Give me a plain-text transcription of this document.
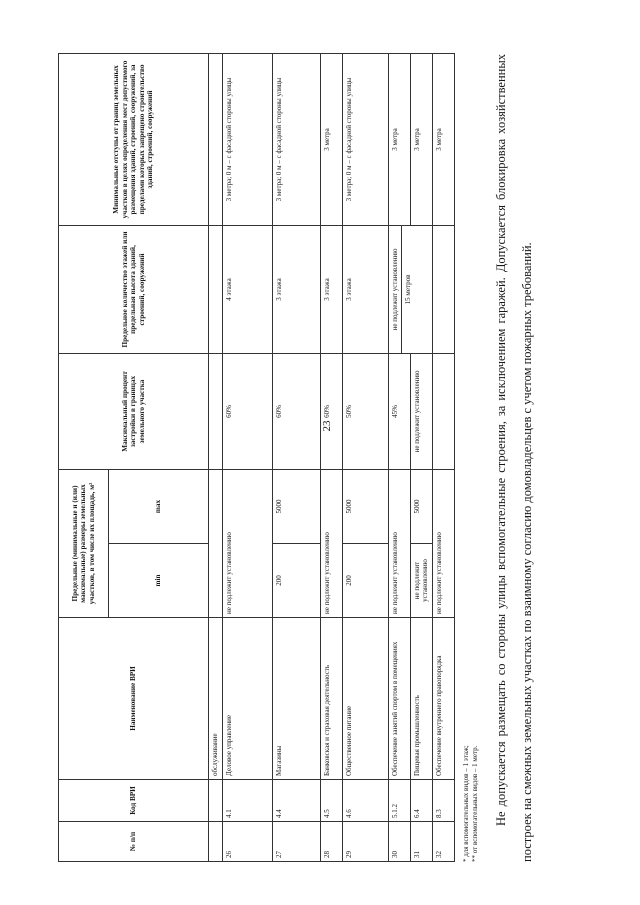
23
№ п/п	Код ВРИ	Наименование ВРИ	Предельные (минимальные и (или) максимальные) размеры земельных участков, в том числе их площадь, м²		Максимальный процент застройки в границах земельного участка	Предельное количество этажей или предельная высота зданий, строений, сооружений	Минимальные отступы от границ земельных участков в целях определения мест допустимого размещения зданий, строений, сооружений, за пределами которых запрещено строительство зданий, строений, сооружений
			min	max			
		обслуживание					
26	4.1	Деловое управление	не подлежит установлению		60%	4 этажа	3 метра; 0 м – с фасадной стороны улицы
27	4.4	Магазины	200	5000	60%	3 этажа	3 метра; 0 м – с фасадной стороны улицы
28	4.5	Банковская и страховая деятельность	не подлежит установлению		60%	3 этажа	3 метра
29	4.6	Общественное питание	200	5000	50%	3 этажа	3 метра; 0 м – с фасадной стороны улицы
30	5.1.2	Обеспечение занятий спортом в помещениях	не подлежит установлению		45%	не подлежит установлению 15 метров	3 метра
31	6.4	Пищевая промышленность	не подлежит установлению	5000	не подлежит установлению		3 метра
32	8.3	Обеспечение внутреннего правопорядка	не подлежит установлению				3 метра
* для вспомогательных видов – 1 этаж; ** от вспомогательных видов – 1 метр.	Не допускается размещать со стороны улицы вспомогательные строения, за исключением гаражей. Допускается блокировка хозяйственных построек на смежных земельных участках по взаимному согласию домовладельцев с учетом пожарных требований.
